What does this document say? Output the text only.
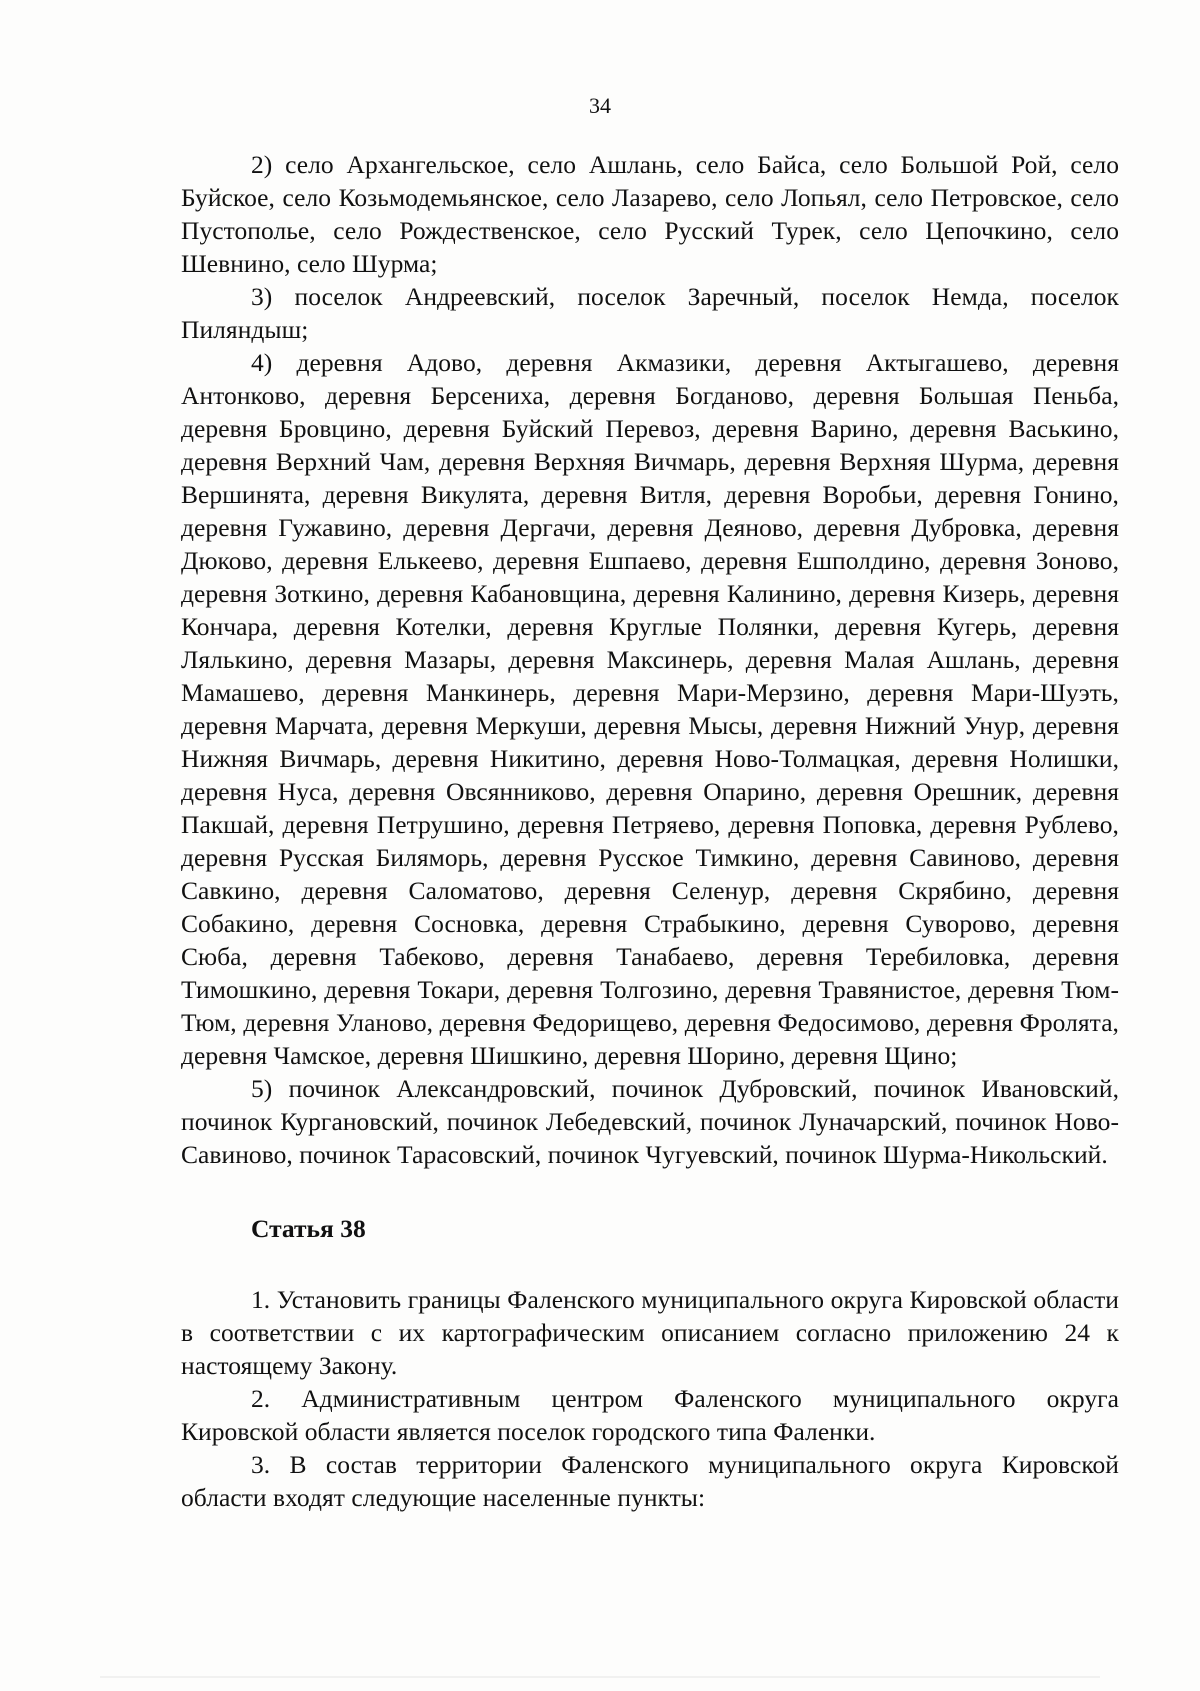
34

2) село Архангельское, село Ашлань, село Байса, село Большой Рой, село Буйское, село Козьмодемьянское, село Лазарево, село Лопьял, село Петровское, село Пустополье, село Рождественское, село Русский Турек, село Цепочкино, село Шевнино, село Шурма;

3) поселок Андреевский, поселок Заречный, поселок Немда, поселок Пиляндыш;

4) деревня Адово, деревня Акмазики, деревня Актыгашево, деревня Антонково, деревня Берсениха, деревня Богданово, деревня Большая Пеньба, деревня Бровцино, деревня Буйский Перевоз, деревня Варино, деревня Васькино, деревня Верхний Чам, деревня Верхняя Вичмарь, деревня Верхняя Шурма, деревня Вершинята, деревня Викулята, деревня Витля, деревня Воробьи, деревня Гонино, деревня Гужавино, деревня Дергачи, деревня Деяново, деревня Дубровка, деревня Дюково, деревня Елькеево, деревня Ешпаево, деревня Ешполдино, деревня Зоново, деревня Зоткино, деревня Кабановщина, деревня Калинино, деревня Кизерь, деревня Кончара, деревня Котелки, деревня Круглые Полянки, деревня Кугерь, деревня Лялькино, деревня Мазары, деревня Максинерь, деревня Малая Ашлань, деревня Мамашево, деревня Манкинерь, деревня Мари-Мерзино, деревня Мари-Шуэть, деревня Марчата, деревня Меркуши, деревня Мысы, деревня Нижний Унур, деревня Нижняя Вичмарь, деревня Никитино, деревня Ново-Толмацкая, деревня Нолишки, деревня Нуса, деревня Овсянниково, деревня Опарино, деревня Орешник, деревня Пакшай, деревня Петрушино, деревня Петряево, деревня Поповка, деревня Рублево, деревня Русская Биляморь, деревня Русское Тимкино, деревня Савиново, деревня Савкино, деревня Саломатово, деревня Селенур, деревня Скрябино, деревня Собакино, деревня Сосновка, деревня Страбыкино, деревня Суворово, деревня Сюба, деревня Табеково, деревня Танабаево, деревня Теребиловка, деревня Тимошкино, деревня Токари, деревня Толгозино, деревня Травянистое, деревня Тюм-Тюм, деревня Уланово, деревня Федорищево, деревня Федосимово, деревня Фролята, деревня Чамское, деревня Шишкино, деревня Шорино, деревня Щино;

5) починок Александровский, починок Дубровский, починок Ивановский, починок Кургановский, починок Лебедевский, починок Луначарский, починок Ново-Савиново, починок Тарасовский, починок Чугуевский, починок Шурма-Никольский.

Статья 38

1. Установить границы Фаленского муниципального округа Кировской области в соответствии с их картографическим описанием согласно приложению 24 к настоящему Закону.

2. Административным центром Фаленского муниципального округа Кировской области является поселок городского типа Фаленки.

3. В состав территории Фаленского муниципального округа Кировской области входят следующие населенные пункты:
